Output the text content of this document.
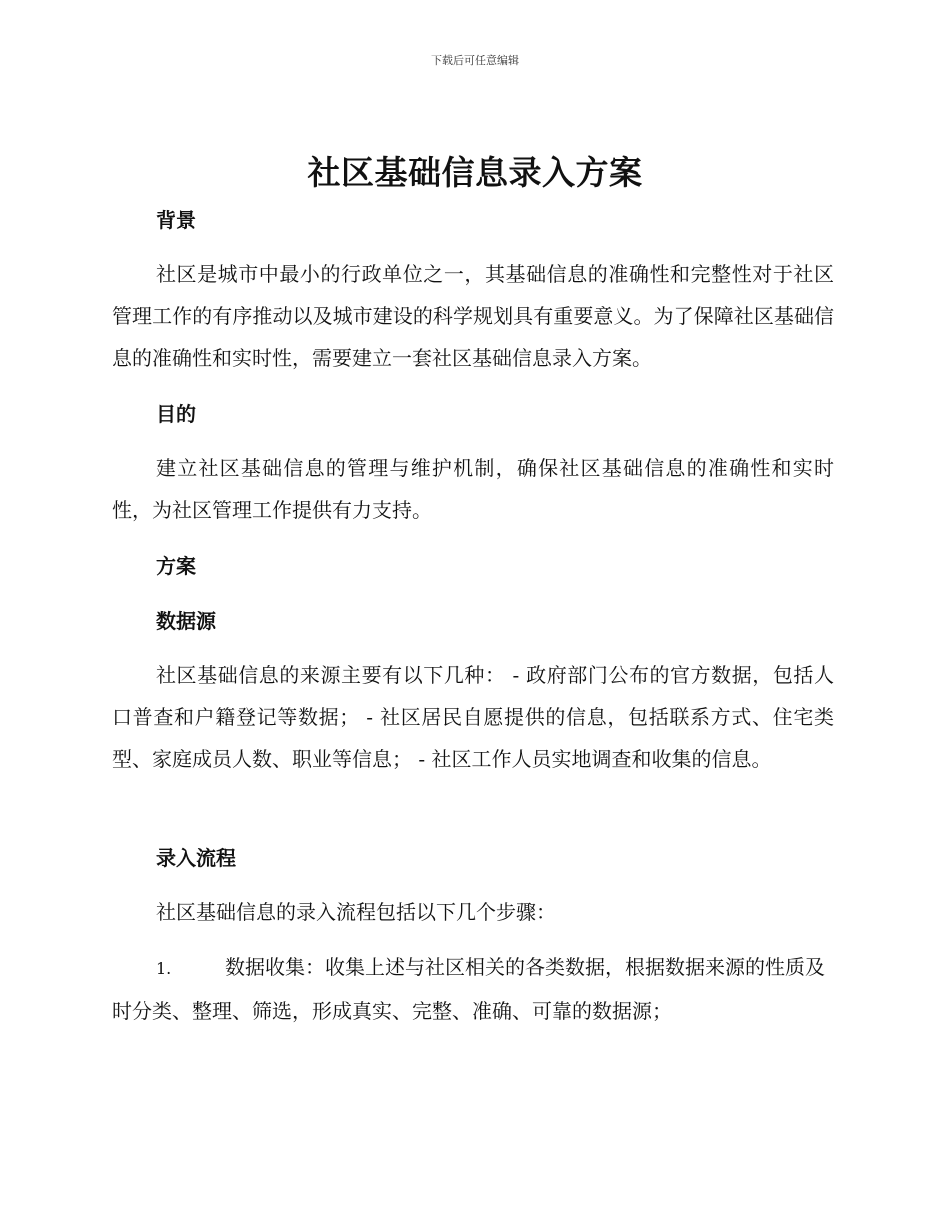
下载后可任意编辑
社区基础信息录入方案
背景
社区是城市中最小的行政单位之一，其基础信息的准确性和完整性对于社区管理工作的有序推动以及城市建设的科学规划具有重要意义。为了保障社区基础信息的准确性和实时性，需要建立一套社区基础信息录入方案。
目的
建立社区基础信息的管理与维护机制，确保社区基础信息的准确性和实时性，为社区管理工作提供有力支持。
方案
数据源
社区基础信息的来源主要有以下几种： - 政府部门公布的官方数据，包括人口普查和户籍登记等数据； - 社区居民自愿提供的信息，包括联系方式、住宅类型、家庭成员人数、职业等信息； - 社区工作人员实地调查和收集的信息。
录入流程
社区基础信息的录入流程包括以下几个步骤：
1.	数据收集：收集上述与社区相关的各类数据，根据数据来源的性质及时分类、整理、筛选，形成真实、完整、准确、可靠的数据源；
